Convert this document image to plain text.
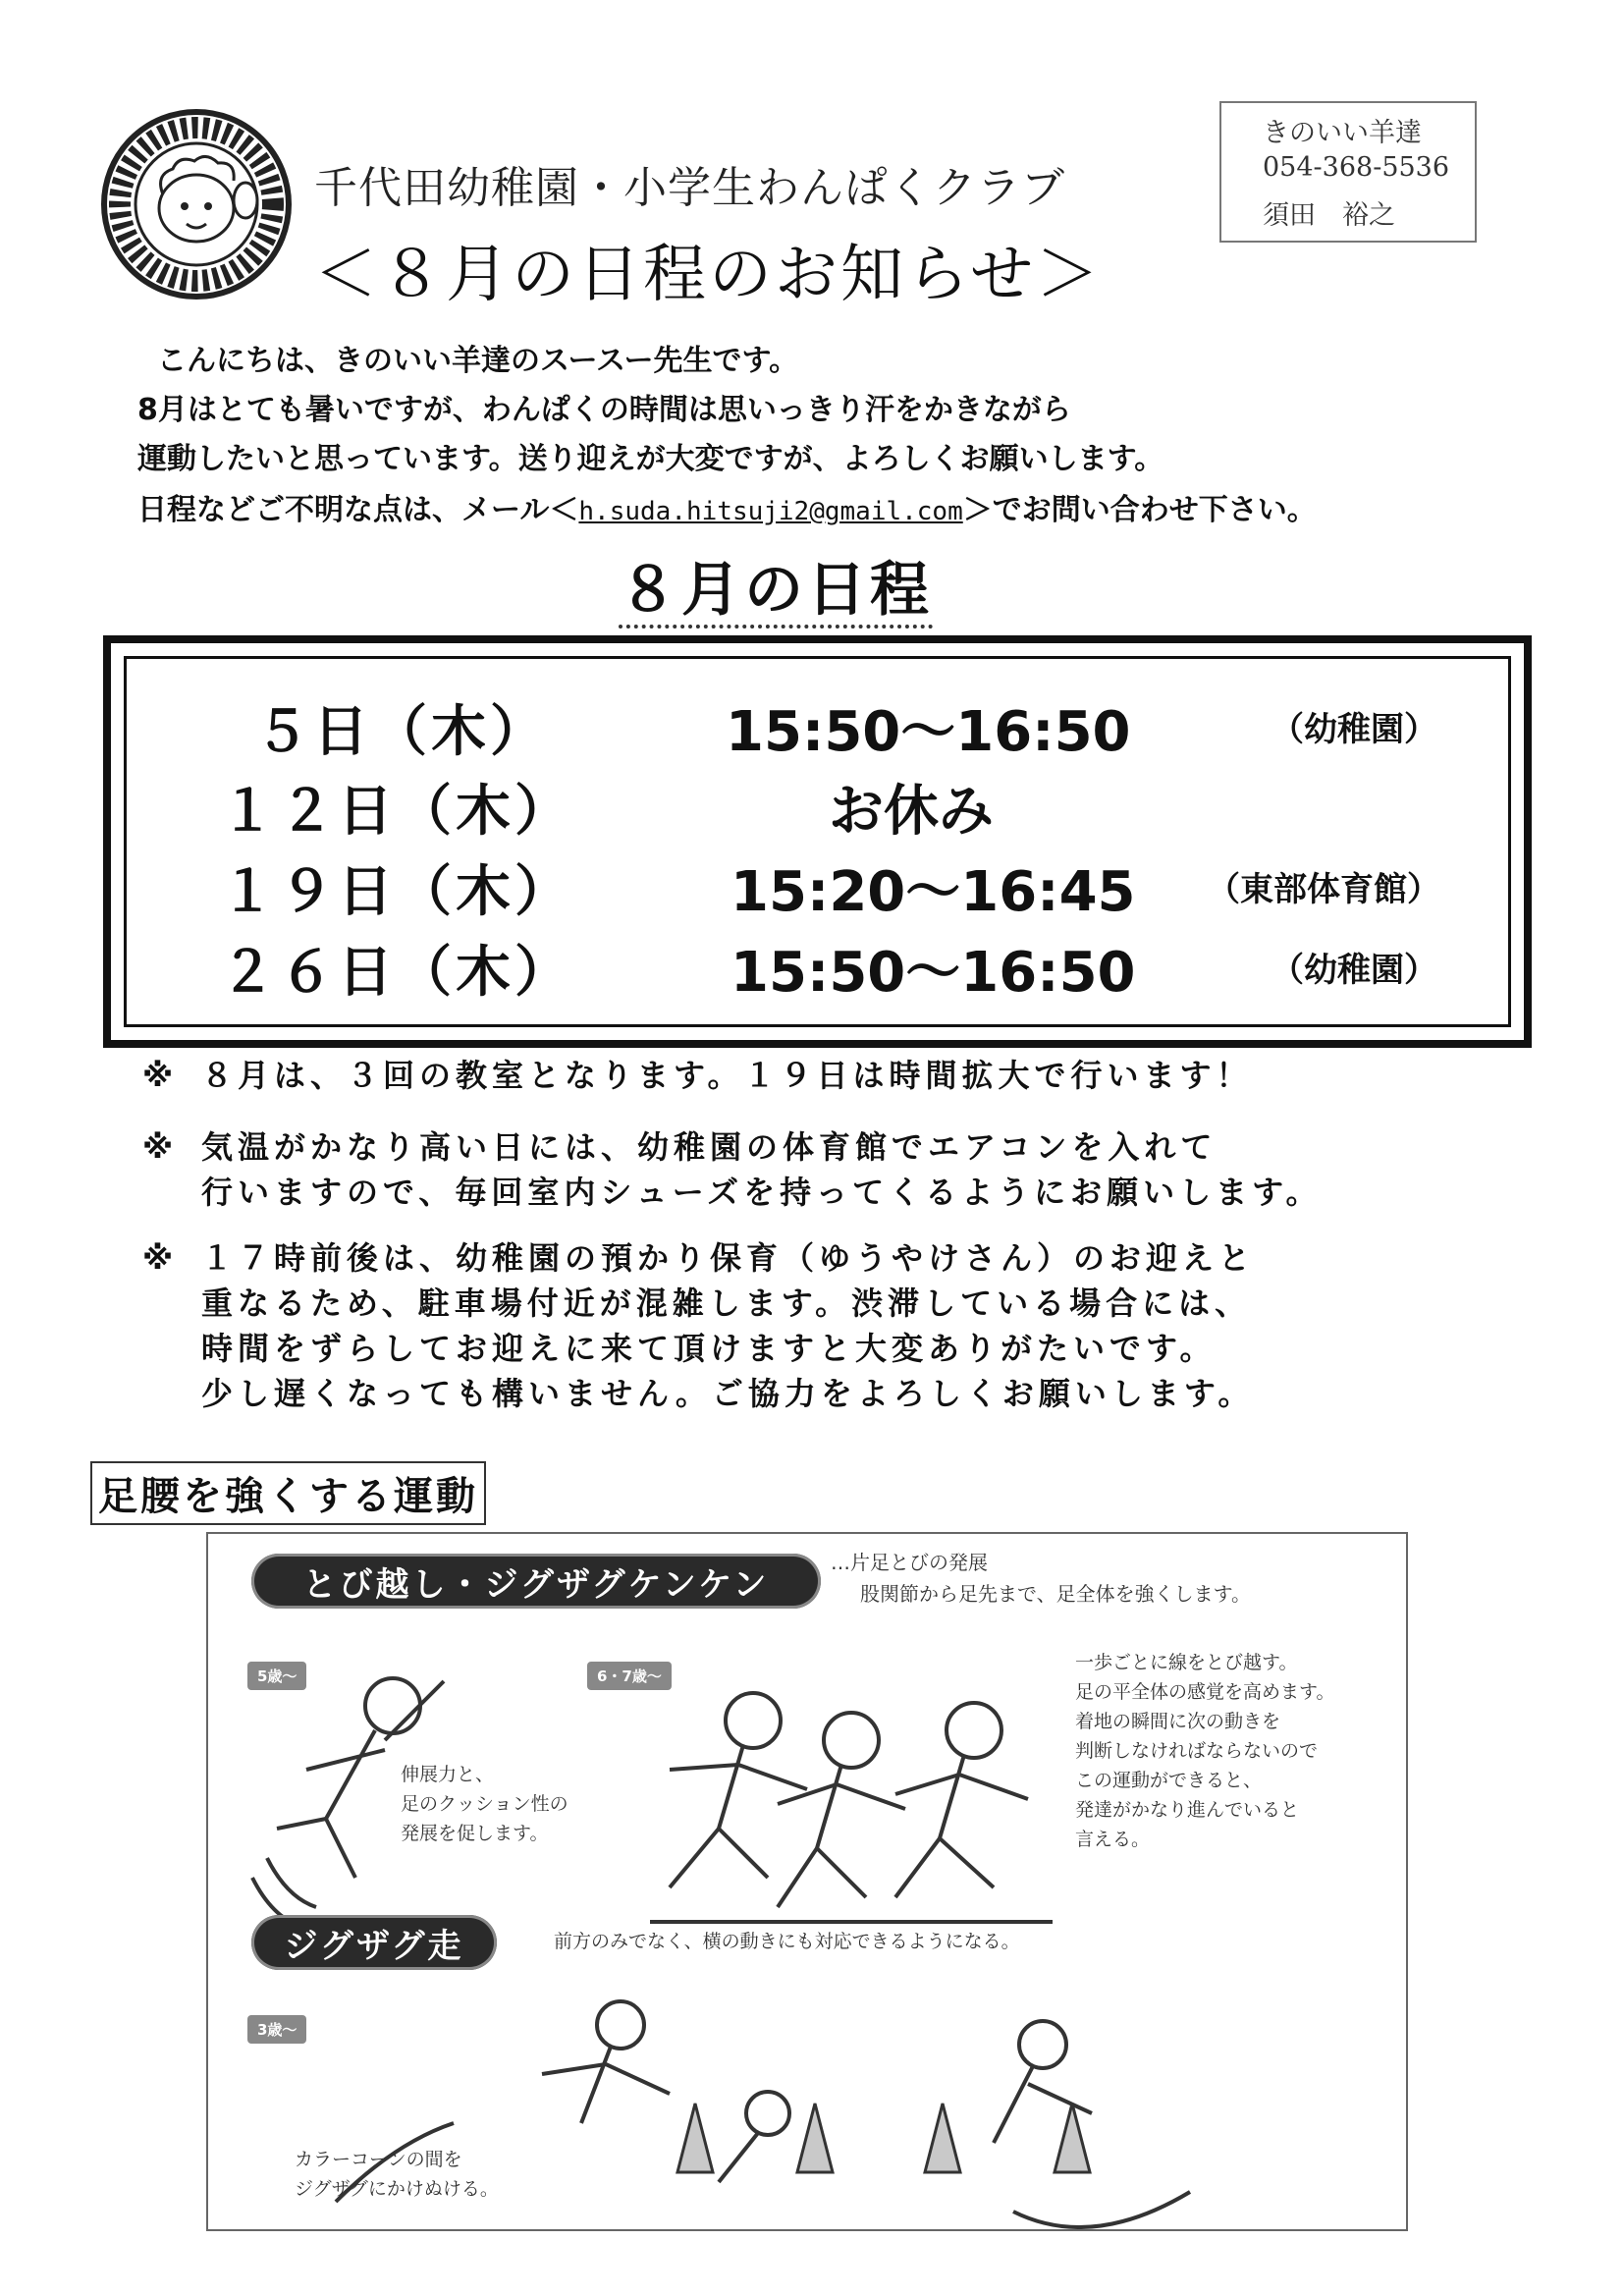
千代田幼稚園・小学生わんぱくクラブ
＜８月の日程のお知らせ＞
きのいい羊達
054-368-5536
須田　裕之
こんにちは、きのいい羊達のスースー先生です。
8月はとても暑いですが、わんぱくの時間は思いっきり汗をかきながら
運動したいと思っています。送り迎えが大変ですが、よろしくお願いします。
日程などご不明な点は、メール＜h.suda.hitsuji2@gmail.com＞でお問い合わせ下さい。
８月の日程
５日（木）	15:50〜16:50	（幼稚園）
１２日（木）	お休み
１９日（木）	15:20〜16:45 （東部体育館）
２６日（木）	15:50〜16:50	（幼稚園）
※ ８月は、３回の教室となります。１９日は時間拡大で行います！
※ 気温がかなり高い日には、幼稚園の体育館でエアコンを入れて
行いますので、毎回室内シューズを持ってくるようにお願いします。
※ １７時前後は、幼稚園の預かり保育（ゆうやけさん）のお迎えと
重なるため、駐車場付近が混雑します。渋滞している場合には、
時間をずらしてお迎えに来て頂けますと大変ありがたいです。
少し遅くなっても構いません。ご協力をよろしくお願いします。
足腰を強くする運動
とび越し・ジグザグケンケン
…片足とびの発展
股関節から足先まで、足全体を強くします。
5歳〜	6・7歳〜
伸展力と、
足のクッション性の
発展を促します。
一歩ごとに線をとび越す。
足の平全体の感覚を高めます。
着地の瞬間に次の動きを
判断しなければならないので
この運動ができると、
発達がかなり進んでいると
言える。
ジグザグ走	前方のみでなく、横の動きにも対応できるようになる。
3歳〜
カラーコーンの間を
ジグザグにかけぬける。
